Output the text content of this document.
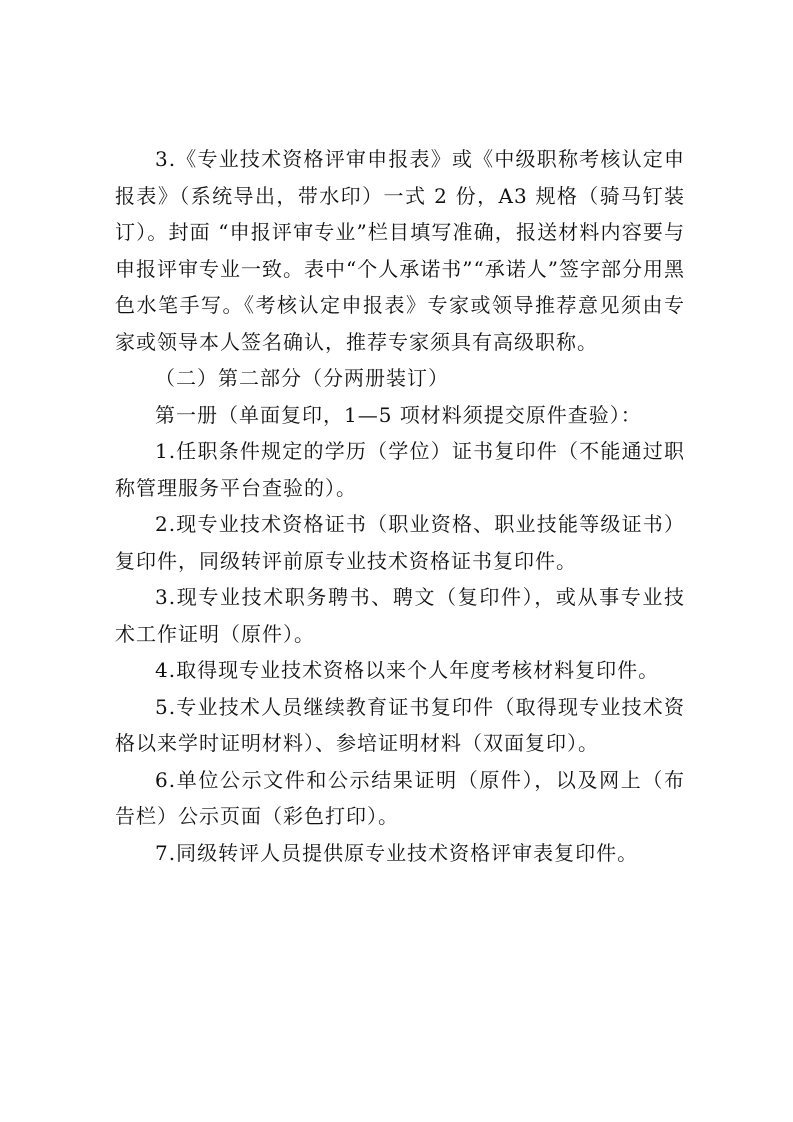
3.《专业技术资格评审申报表》或《中级职称考核认定申报表》（系统导出，带水印）一式 2 份，A3 规格（骑马钉装订）。封面 “申报评审专业”栏目填写准确，报送材料内容要与申报评审专业一致。表中“个人承诺书”“承诺人”签字部分用黑色水笔手写。《考核认定申报表》专家或领导推荐意见须由专家或领导本人签名确认，推荐专家须具有高级职称。

（二）第二部分（分两册装订）

第一册（单面复印，1—5 项材料须提交原件查验）：

1.任职条件规定的学历（学位）证书复印件（不能通过职称管理服务平台查验的）。

2.现专业技术资格证书（职业资格、职业技能等级证书）复印件，同级转评前原专业技术资格证书复印件。

3.现专业技术职务聘书、聘文（复印件），或从事专业技术工作证明（原件）。

4.取得现专业技术资格以来个人年度考核材料复印件。

5.专业技术人员继续教育证书复印件（取得现专业技术资格以来学时证明材料）、参培证明材料（双面复印）。

6.单位公示文件和公示结果证明（原件），以及网上（布告栏）公示页面（彩色打印）。

7.同级转评人员提供原专业技术资格评审表复印件。
